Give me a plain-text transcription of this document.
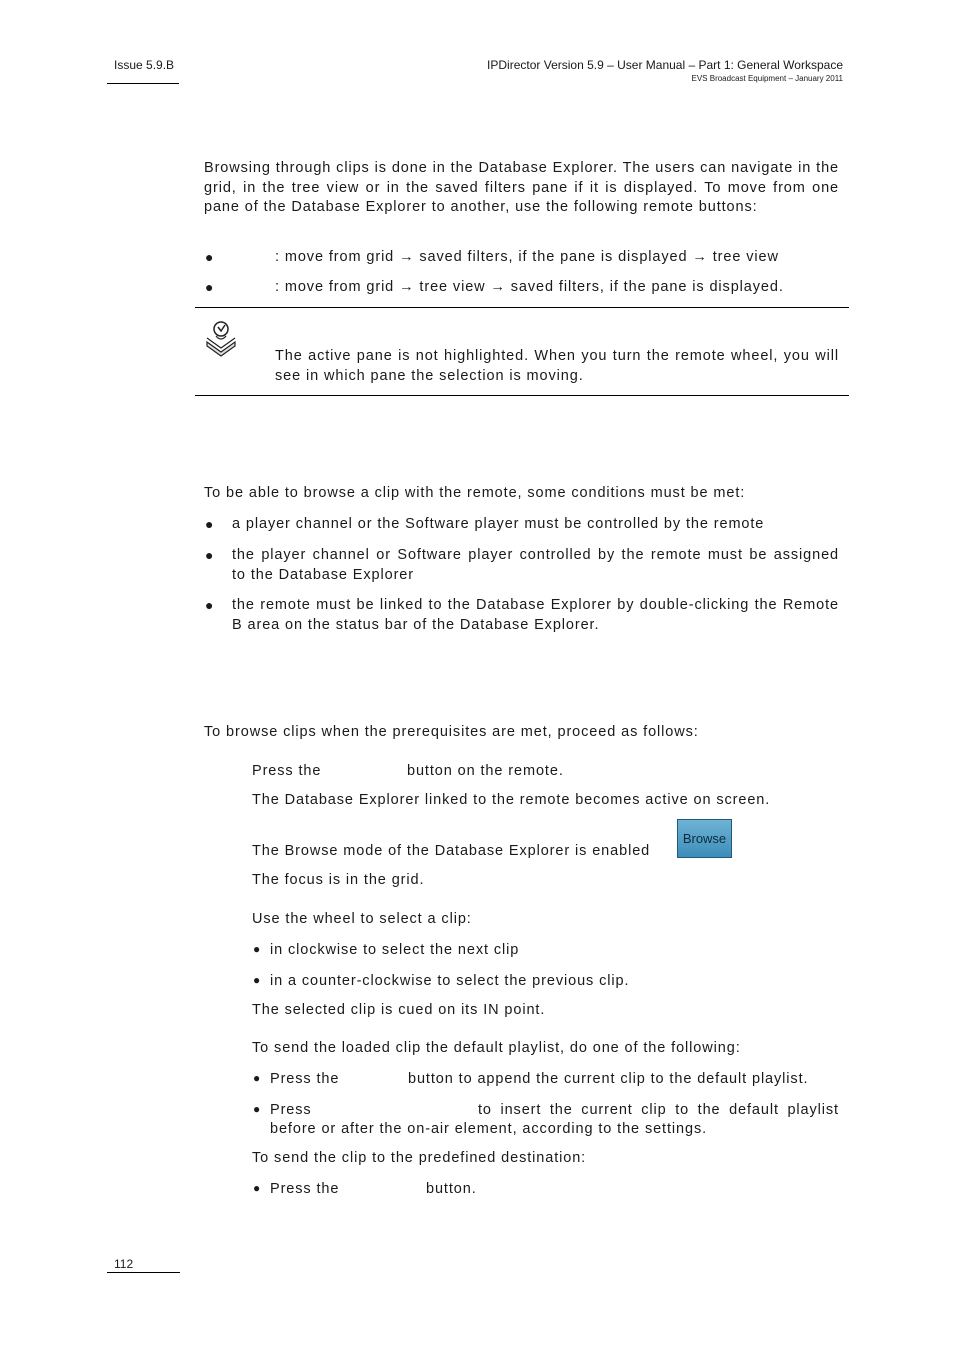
Issue 5.9.B	IPDirector Version 5.9 – User Manual – Part 1: General Workspace
EVS Broadcast Equipment – January 2011
Browsing through clips is done in the Database Explorer. The users can navigate in the grid, in the tree view or in the saved filters pane if it is displayed. To move from one pane of the Database Explorer to another, use the following remote buttons:
●	: move from grid → saved filters, if the pane is displayed → tree view
●	: move from grid → tree view → saved filters, if the pane is displayed.
The active pane is not highlighted. When you turn the remote wheel, you will see in which pane the selection is moving.
To be able to browse a clip with the remote, some conditions must be met:
● a player channel or the Software player must be controlled by the remote
● the player channel or Software player controlled by the remote must be assigned to the Database Explorer
● the remote must be linked to the Database Explorer by double-clicking the Remote B area on the status bar of the Database Explorer.
To browse clips when the prerequisites are met, proceed as follows:
Press the	button on the remote.
The Database Explorer linked to the remote becomes active on screen.
The Browse mode of the Database Explorer is enabled
Browse
The focus is in the grid.
Use the wheel to select a clip:
● in clockwise to select the next clip
● in a counter-clockwise to select the previous clip.
The selected clip is cued on its IN point.
To send the loaded clip the default playlist, do one of the following:
● Press the	button to append the current clip to the default playlist.
● Press	to insert the current clip to the default playlist
before or after the on-air element, according to the settings.
To send the clip to the predefined destination:
● Press the	button.
112
